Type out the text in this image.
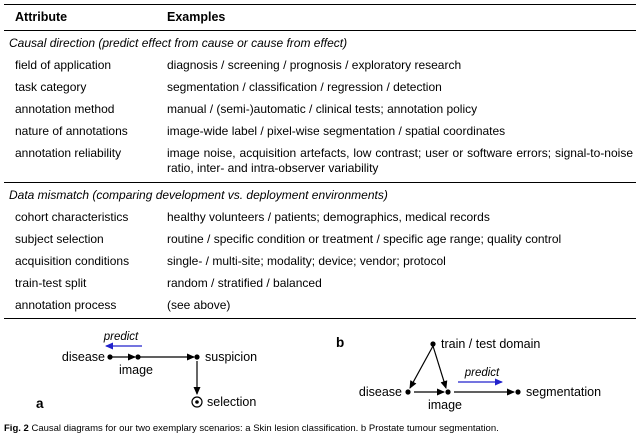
Attribute	Examples
Causal direction (predict effect from cause or cause from effect)
field of application	diagnosis / screening / prognosis / exploratory research
task category	segmentation / classification / regression / detection
annotation method	manual / (semi-)automatic / clinical tests; annotation policy
nature of annotations	image-wide label / pixel-wise segmentation / spatial coordinates
annotation reliability	image noise, acquisition artefacts, low contrast; user or software errors; signal-to-noise ratio, inter- and intra-observer variability
Data mismatch (comparing development vs. deployment environments)
cohort characteristics	healthy volunteers / patients; demographics, medical records
subject selection	routine / specific condition or treatment / specific age range; quality control
acquisition conditions	single- / multi-site; modality; device; vendor; protocol
train-test split	random / stratified / balanced
annotation process	(see above)
predict
disease
image
suspicion
selection
a
b
predict
train / test domain
disease
image
segmentation
Fig. 2 Causal diagrams for our two exemplary scenarios: a Skin lesion classification. b Prostate tumour segmentation.
